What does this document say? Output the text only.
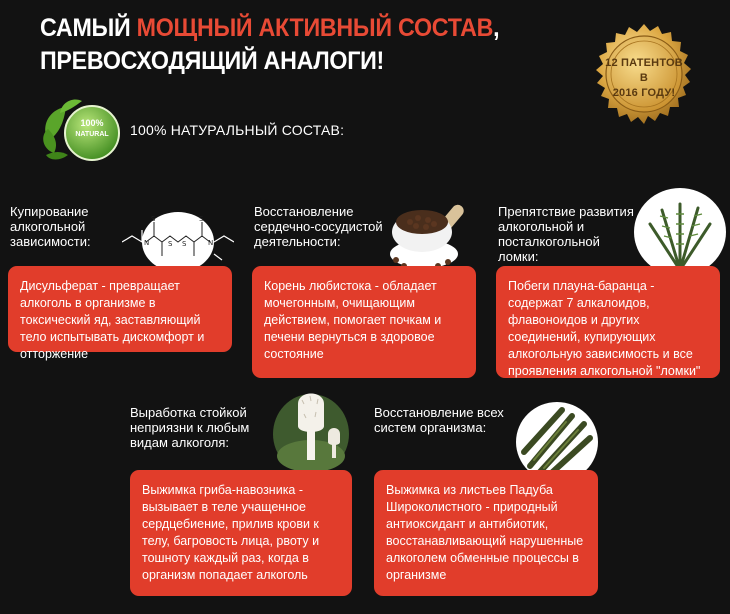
САМЫЙ МОЩНЫЙ АКТИВНЫЙ СОСТАВ,
ПРЕВОСХОДЯЩИЙ АНАЛОГИ!	12 ПАТЕНТОВ В
2016 ГОДУ!
100%
NATURAL	100% НАТУРАЛЬНЫЙ СОСТАВ:
Купирование
алкогольной
зависимости:	N	N
S	S
S S
Дисульферат - превращает алкоголь в организме в токсический яд, заставляющий тело испытывать дискомфорт и отторжение
Восстановление
сердечно-сосудистой
деятельности:
Корень любистока - обладает мочегонным, очищающим действием, помогает почкам и печени вернуться в здоровое состояние
Препятствие развития
алкогольной и
посталкогольной
ломки:
Побеги плауна-баранца - содержат 7 алкалоидов, флавоноидов и других соединений, купирующих алкогольную зависимость и все проявления алкогольной "ломки"
Выработка стойкой
неприязни к любым
видам алкоголя:
Выжимка гриба-навозника - вызывает в теле учащенное сердцебиение, прилив крови к телу, багровость лица, рвоту и тошноту каждый раз, когда в организм попадает алкоголь
Восстановление всех
систем организма:
Выжимка из листьев Падуба Широколистного - природный антиоксидант и антибиотик, восстанавливающий нарушенные алкоголем обменные процессы в организме
